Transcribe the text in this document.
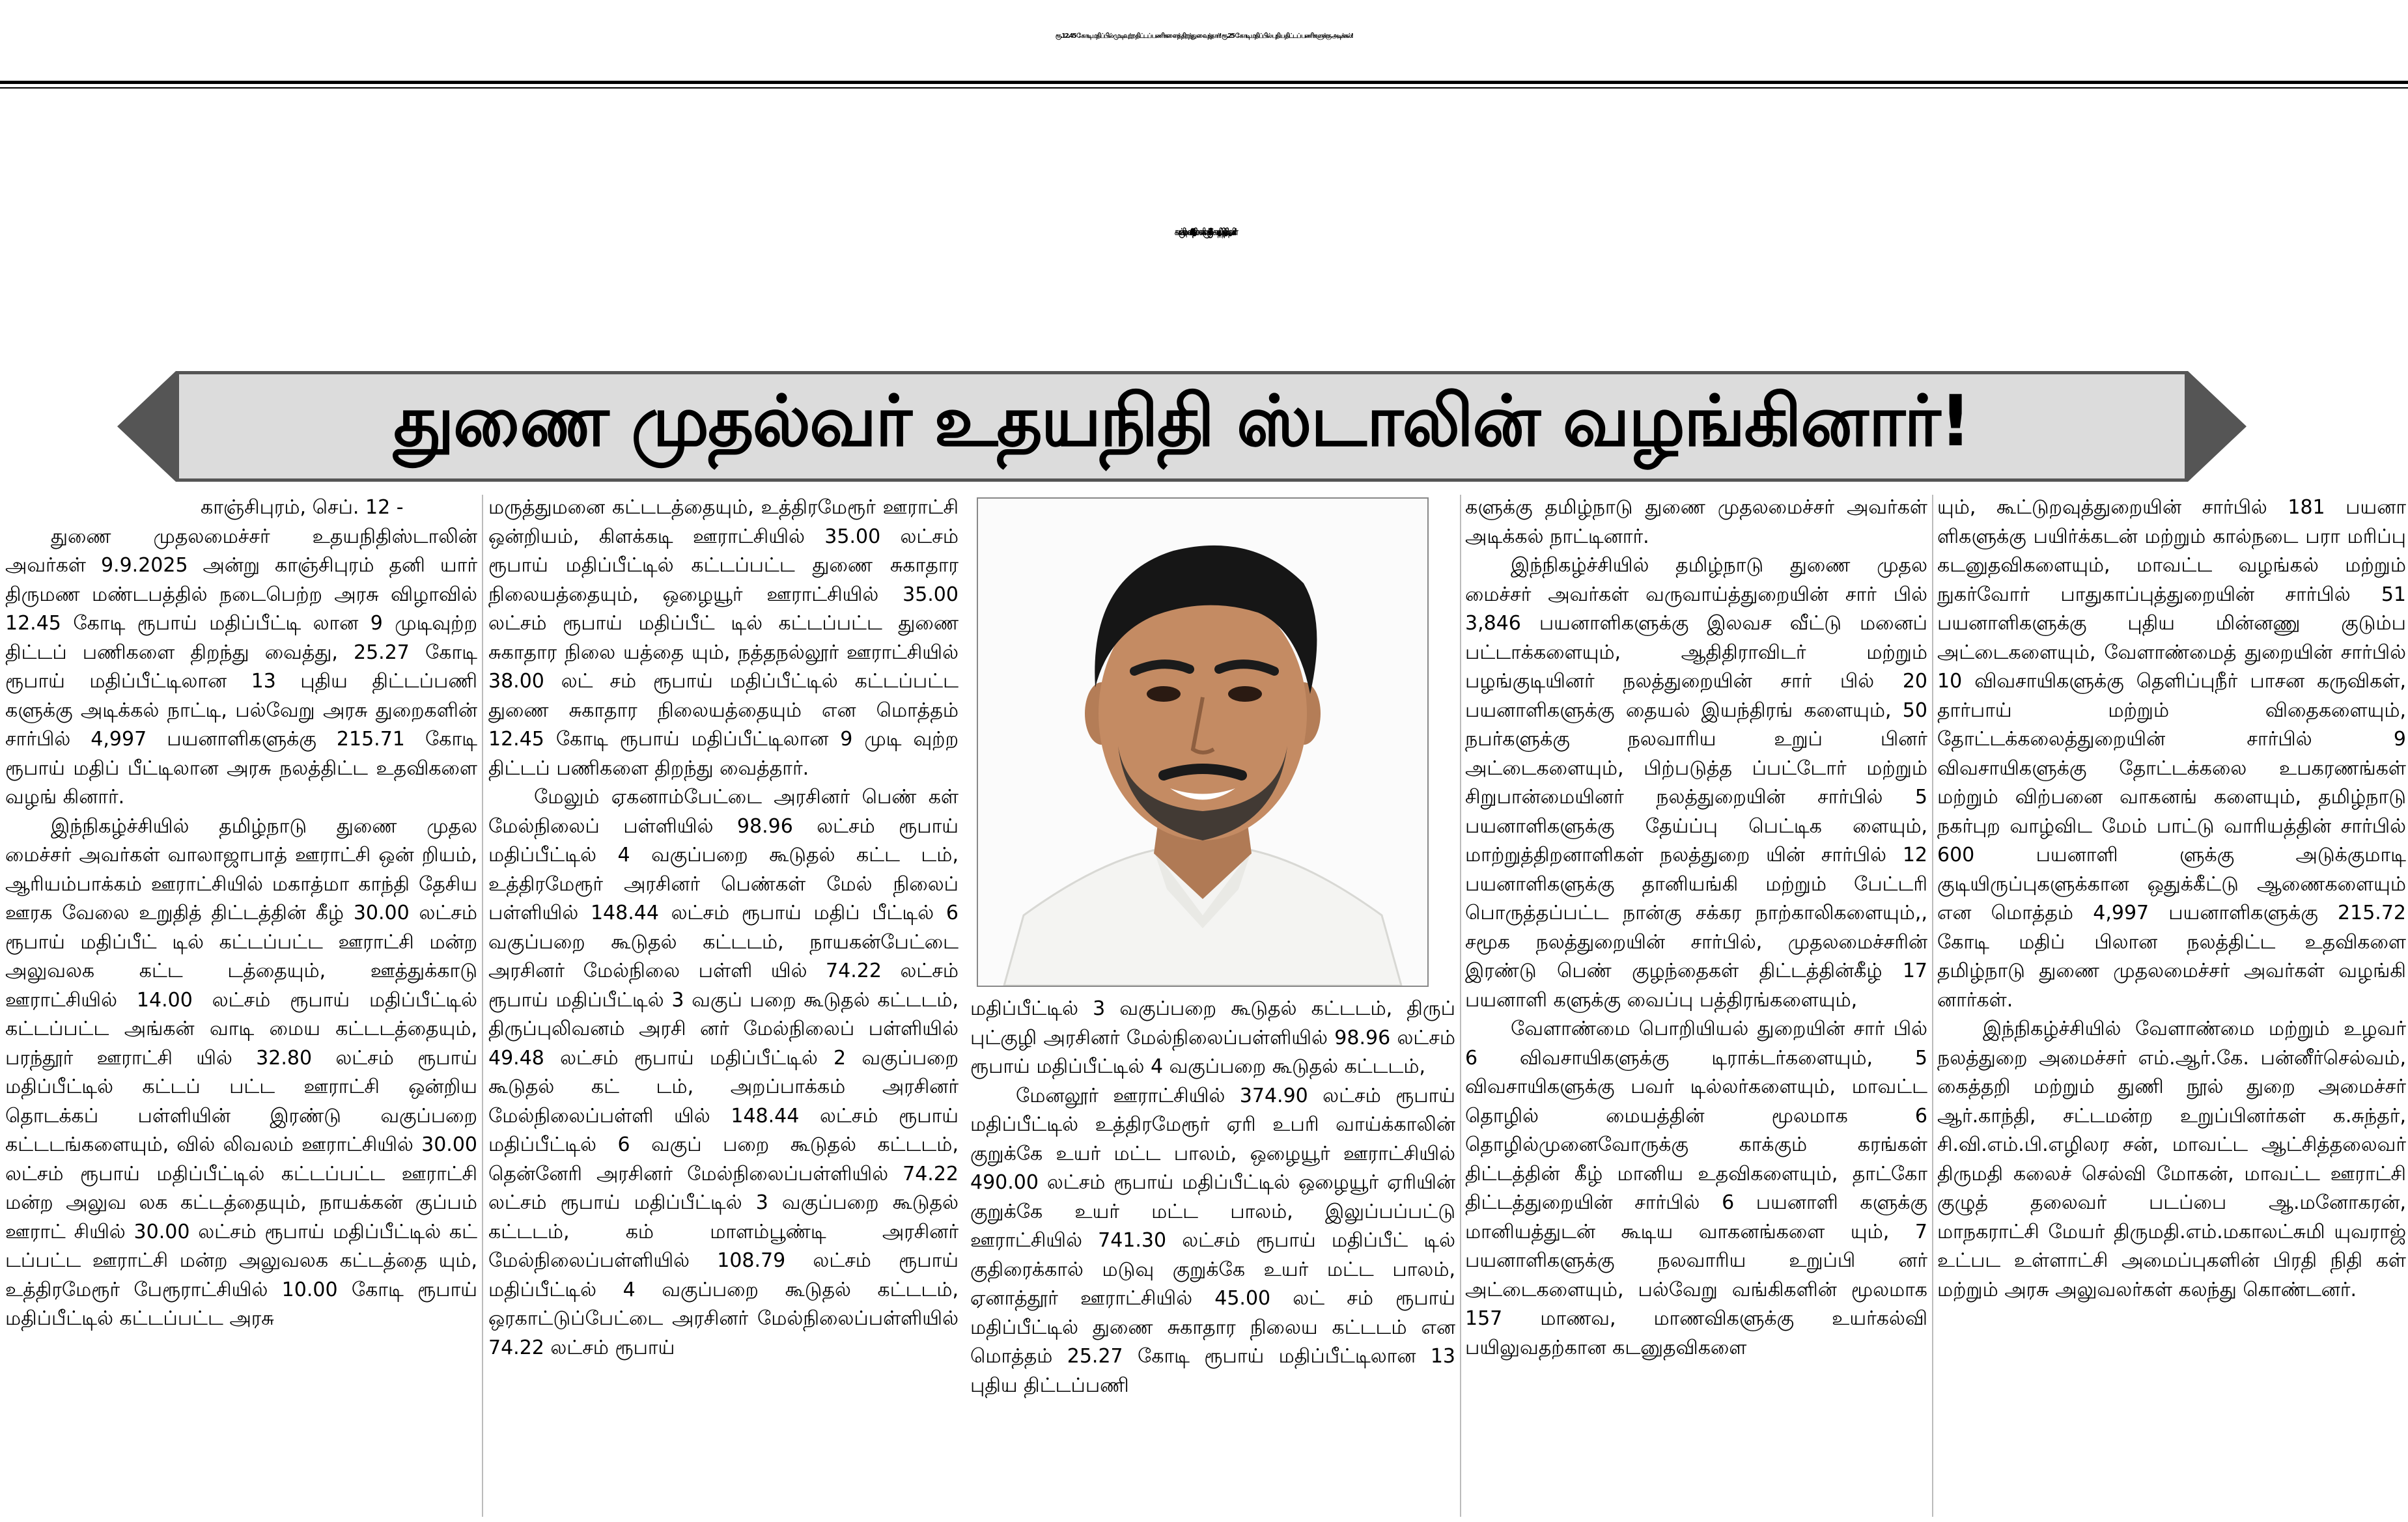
ரூ.12.45 கோடி மதிப்பில் முடிவுற்ற திட்டப் பணிகளைத் திறந்து வைத்தார்! ரூ.25 கோடி மதிப்பில் புதிய திட்டப் பணிகளுக்கு அடிக்கல்!
காஞ்சிபுரம் மாவட்டத்தில் - 4.997 பயனாளிகளுக்கு ரூ.216 கோடி மதிப்பில் நலத்திட்ட உதவிகள்!
துணை முதல்வர் உதயநிதி ஸ்டாலின் வழங்கினார்!

காஞ்சிபுரம், செப். 12 -

துணை முதலமைச்சர் உதயநிதிஸ்டாலின் அவர்கள் 9.9.2025 அன்று காஞ்சிபுரம் தனி யார் திருமண மண்டபத்தில் நடைபெற்ற அரசு விழாவில் 12.45 கோடி ரூபாய் மதிப்பீட்டி லான 9 முடிவுற்ற திட்டப் பணிகளை திறந்து வைத்து, 25.27 கோடி ரூபாய் மதிப்பீட்டிலான 13 புதிய திட்டப்பணி களுக்கு அடிக்கல் நாட்டி, பல்வேறு அரசு துறைகளின் சார்பில் 4,997 பயனாளிகளுக்கு 215.71 கோடி ரூபாய் மதிப் பீட்டிலான அரசு நலத்திட்ட உதவிகளை வழங் கினார்.

இந்நிகழ்ச்சியில் தமிழ்நாடு துணை முதல மைச்சர் அவர்கள் வாலாஜாபாத் ஊராட்சி ஒன் றியம், ஆரியம்பாக்கம் ஊராட்சியில் மகாத்மா காந்தி தேசிய ஊரக வேலை உறுதித் திட்டத்தின் கீழ் 30.00 லட்சம் ரூபாய் மதிப்பீட் டில் கட்டப்பட்ட ஊராட்சி மன்ற அலுவலக கட்ட டத்தையும், ஊத்துக்காடு ஊராட்சியில் 14.00 லட்சம் ரூபாய் மதிப்பீட்டில் கட்டப்பட்ட அங்கன் வாடி மைய கட்டடத்தையும், பரந்தூர் ஊராட்சி யில் 32.80 லட்சம் ரூபாய் மதிப்பீட்டில் கட்டப் பட்ட ஊராட்சி ஒன்றிய தொடக்கப் பள்ளியின் இரண்டு வகுப்பறை கட்டடங்களையும், வில் லிவலம் ஊராட்சியில் 30.00 லட்சம் ரூபாய் மதிப்பீட்டில் கட்டப்பட்ட ஊராட்சி மன்ற அலுவ லக கட்டத்தையும், நாயக்கன் குப்பம் ஊராட் சியில் 30.00 லட்சம் ரூபாய் மதிப்பீட்டில் கட் டப்பட்ட ஊராட்சி மன்ற அலுவலக கட்டத்தை யும், உத்திரமேரூர் பேரூராட்சியில் 10.00 கோடி ரூபாய் மதிப்பீட்டில் கட்டப்பட்ட அரசு

மருத்துமனை கட்டடத்தையும், உத்திரமேரூர் ஊராட்சி ஒன்றியம், கிளக்கடி ஊராட்சியில் 35.00 லட்சம் ரூபாய் மதிப்பீட்டில் கட்டப்பட்ட துணை சுகாதார நிலையத்தையும், ஒழையூர் ஊராட்சியில் 35.00 லட்சம் ரூபாய் மதிப்பீட் டில் கட்டப்பட்ட துணை சுகாதார நிலை யத்தை யும், நத்தநல்லூர் ஊராட்சியில் 38.00 லட் சம் ரூபாய் மதிப்பீட்டில் கட்டப்பட்ட துணை சுகாதார நிலையத்தையும் என மொத்தம் 12.45 கோடி ரூபாய் மதிப்பீட்டிலான 9 முடி வுற்ற திட்டப் பணிகளை திறந்து வைத்தார்.

மேலும் ஏகனாம்பேட்டை அரசினர் பெண் கள் மேல்நிலைப் பள்ளியில் 98.96 லட்சம் ரூபாய் மதிப்பீட்டில் 4 வகுப்பறை கூடுதல் கட்ட டம், உத்திரமேரூர் அரசினர் பெண்கள் மேல் நிலைப் பள்ளியில் 148.44 லட்சம் ரூபாய் மதிப் பீட்டில் 6 வகுப்பறை கூடுதல் கட்டடம், நாயகன்பேட்டை அரசினர் மேல்நிலை பள்ளி யில் 74.22 லட்சம் ரூபாய் மதிப்பீட்டில் 3 வகுப் பறை கூடுதல் கட்டடம், திருப்புலிவனம் அரசி னர் மேல்நிலைப் பள்ளியில் 49.48 லட்சம் ரூபாய் மதிப்பீட்டில் 2 வகுப்பறை கூடுதல் கட் டம், அறப்பாக்கம் அரசினர் மேல்நிலைப்பள்ளி யில் 148.44 லட்சம் ரூபாய் மதிப்பீட்டில் 6 வகுப் பறை கூடுதல் கட்டடம், தென்னேரி அரசினர் மேல்நிலைப்பள்ளியில் 74.22 லட்சம் ரூபாய் மதிப்பீட்டில் 3 வகுப்பறை கூடுதல் கட்டடம், கம் மாளம்பூண்டி அரசினர் மேல்நிலைப்பள்ளியில் 108.79 லட்சம் ரூபாய் மதிப்பீட்டில் 4 வகுப்பறை கூடுதல் கட்டடம், ஒரகாட்டுப்பேட்டை அரசினர் மேல்நிலைப்பள்ளியில் 74.22 லட்சம் ரூபாய்

மதிப்பீட்டில் 3 வகுப்பறை கூடுதல் கட்டடம், திருப் புட்குழி அரசினர் மேல்நிலைப்பள்ளியில் 98.96 லட்சம் ரூபாய் மதிப்பீட்டில் 4 வகுப்பறை கூடுதல் கட்டடம்,

மேனலூர் ஊராட்சியில் 374.90 லட்சம் ரூபாய் மதிப்பீட்டில் உத்திரமேரூர் ஏரி உபரி வாய்க்காலின் குறுக்கே உயர் மட்ட பாலம், ஒழையூர் ஊராட்சியில் 490.00 லட்சம் ரூபாய் மதிப்பீட்டில் ஒழையூர் ஏரியின் குறுக்கே உயர் மட்ட பாலம், இலுப்பப்பட்டு ஊராட்சியில் 741.30 லட்சம் ரூபாய் மதிப்பீட் டில் குதிரைக்கால் மடுவு குறுக்கே உயர் மட்ட பாலம், ஏனாத்தூர் ஊராட்சியில் 45.00 லட் சம் ரூபாய் மதிப்பீட்டில் துணை சுகாதார நிலைய கட்டடம் என மொத்தம் 25.27 கோடி ரூபாய் மதிப்பீட்டிலான 13 புதிய திட்டப்பணி

களுக்கு தமிழ்நாடு துணை முதலமைச்சர் அவர்கள் அடிக்கல் நாட்டினார்.

இந்நிகழ்ச்சியில் தமிழ்நாடு துணை முதல மைச்சர் அவர்கள் வருவாய்த்துறையின் சார் பில் 3,846 பயனாளிகளுக்கு இலவச வீட்டு மனைப் பட்டாக்களையும், ஆதிதிராவிடர் மற்றும் பழங்குடியினர் நலத்துறையின் சார் பில் 20 பயனாளிகளுக்கு தையல் இயந்திரங் களையும், 50 நபர்களுக்கு நலவாரிய உறுப் பினர் அட்டைகளையும், பிற்படுத்த ப்பட்டோர் மற்றும் சிறுபான்மையினர் நலத்துறையின் சார்பில் 5 பயனாளிகளுக்கு தேய்ப்பு பெட்டிக ளையும், மாற்றுத்திறனாளிகள் நலத்துறை யின் சார்பில் 12 பயனாளிகளுக்கு தானியங்கி மற்றும் பேட்டரி பொருத்தப்பட்ட நான்கு சக்கர நாற்காலிகளையும்,, சமூக நலத்துறையின் சார்பில், முதலமைச்சரின் இரண்டு பெண் குழந்தைகள் திட்டத்தின்கீழ் 17 பயனாளி களுக்கு வைப்பு பத்திரங்களையும்,

வேளாண்மை பொறியியல் துறையின் சார் பில் 6 விவசாயிகளுக்கு டிராக்டர்களையும், 5 விவசாயிகளுக்கு பவர் டில்லர்களையும், மாவட்ட தொழில் மையத்தின் மூலமாக 6 தொழில்முனைவோருக்கு காக்கும் கரங்கள் திட்டத்தின் கீழ் மானிய உதவிகளையும், தாட்கோ திட்டத்துறையின் சார்பில் 6 பயனாளி களுக்கு மானியத்துடன் கூடிய வாகனங்களை யும், 7 பயனாளிகளுக்கு நலவாரிய உறுப்பி னர் அட்டைகளையும், பல்வேறு வங்கிகளின் மூலமாக 157 மாணவ, மாணவிகளுக்கு உயர்கல்வி பயிலுவதற்கான கடனுதவிகளை

யும், கூட்டுறவுத்துறையின் சார்பில் 181 பயனா ளிகளுக்கு பயிர்க்கடன் மற்றும் கால்நடை பரா மரிப்பு கடனுதவிகளையும், மாவட்ட வழங்கல் மற்றும் நுகர்வோர் பாதுகாப்புத்துறையின் சார்பில் 51 பயனாளிகளுக்கு புதிய மின்னணு குடும்ப அட்டைகளையும், வேளாண்மைத் துறையின் சார்பில் 10 விவசாயிகளுக்கு தெளிப்புநீர் பாசன கருவிகள், தார்பாய் மற்றும் விதைகளையும், தோட்டக்கலைத்துறையின் சார்பில் 9 விவசாயிகளுக்கு தோட்டக்கலை உபகரணங்கள் மற்றும் விற்பனை வாகனங் களையும், தமிழ்நாடு நகர்புற வாழ்விட மேம் பாட்டு வாரியத்தின் சார்பில் 600 பயனாளி ளுக்கு அடுக்குமாடி குடியிருப்புகளுக்கான ஒதுக்கீட்டு ஆணைகளையும் என மொத்தம் 4,997 பயனாளிகளுக்கு 215.72 கோடி மதிப் பிலான நலத்திட்ட உதவிகளை தமிழ்நாடு துணை முதலமைச்சர் அவர்கள் வழங்கி னார்கள்.

இந்நிகழ்ச்சியில் வேளாண்மை மற்றும் உழவர் நலத்துறை அமைச்சர் எம்.ஆர்.கே. பன்னீர்செல்வம், கைத்தறி மற்றும் துணி நூல் துறை அமைச்சர் ஆர்.காந்தி, சட்டமன்ற உறுப்பினர்கள் க.சுந்தர், சி.வி.எம்.பி.எழிலர சன், மாவட்ட ஆட்சித்தலைவர் திருமதி கலைச் செல்வி மோகன், மாவட்ட ஊராட்சி குழுத் தலைவர் படப்பை ஆ.மனோகரன், மாநகராட்சி மேயர் திருமதி.எம்.மகாலட்சுமி யுவராஜ் உட்பட உள்ளாட்சி அமைப்புகளின் பிரதி நிதி கள் மற்றும் அரசு அலுவலர்கள் கலந்து கொண்டனர்.
